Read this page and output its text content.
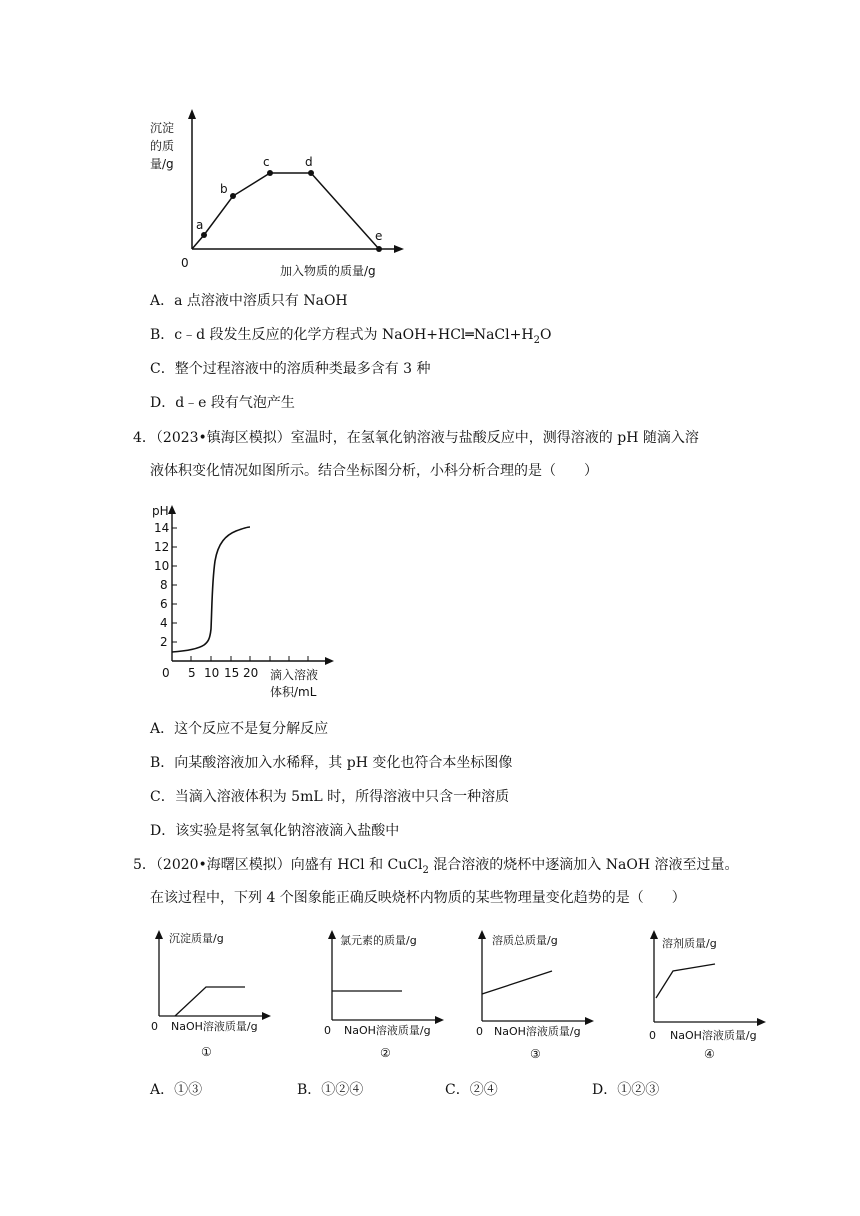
沉淀
的质
量/g
0
加入物质的质量/g
a
b
c	d
e
A．a 点溶液中溶质只有 NaOH
B．c﹣d 段发生反应的化学方程式为 $NaOH+HCl═NaCl+H_2O$
C．整个过程溶液中的溶质种类最多含有 3 种
D．d﹣e 段有气泡产生
4．（2023•镇海区模拟）室温时，在氢氧化钠溶液与盐酸反应中，测得溶液的 pH 随滴入溶
液体积变化情况如图所示。结合坐标图分析，小科分析合理的是（　　）
pH
14
12
10
8
6
4
2
0 5 10 15 20 滴入溶液
体积/mL
A．这个反应不是复分解反应
B．向某酸溶液加入水稀释，其 pH 变化也符合本坐标图像
C．当滴入溶液体积为 5mL 时，所得溶液中只含一种溶质
D．该实验是将氢氧化钠溶液滴入盐酸中
5．（2020•海曙区模拟）向盛有 HCl 和 CuCl$_2$ 混合溶液的烧杯中逐滴加入 NaOH 溶液至过量。
在该过程中，下列 4 个图象能正确反映烧杯内物质的某些物理量变化趋势的是（　　）
沉淀质量/g
0 NaOH溶液质量/g
①
氯元素的质量/g
0 NaOH溶液质量/g
②
溶质总质量/g
0 NaOH溶液质量/g
③
溶剂质量/g
0 NaOH溶液质量/g
④
A．①③	B．①②④	C．②④	D．①②③
